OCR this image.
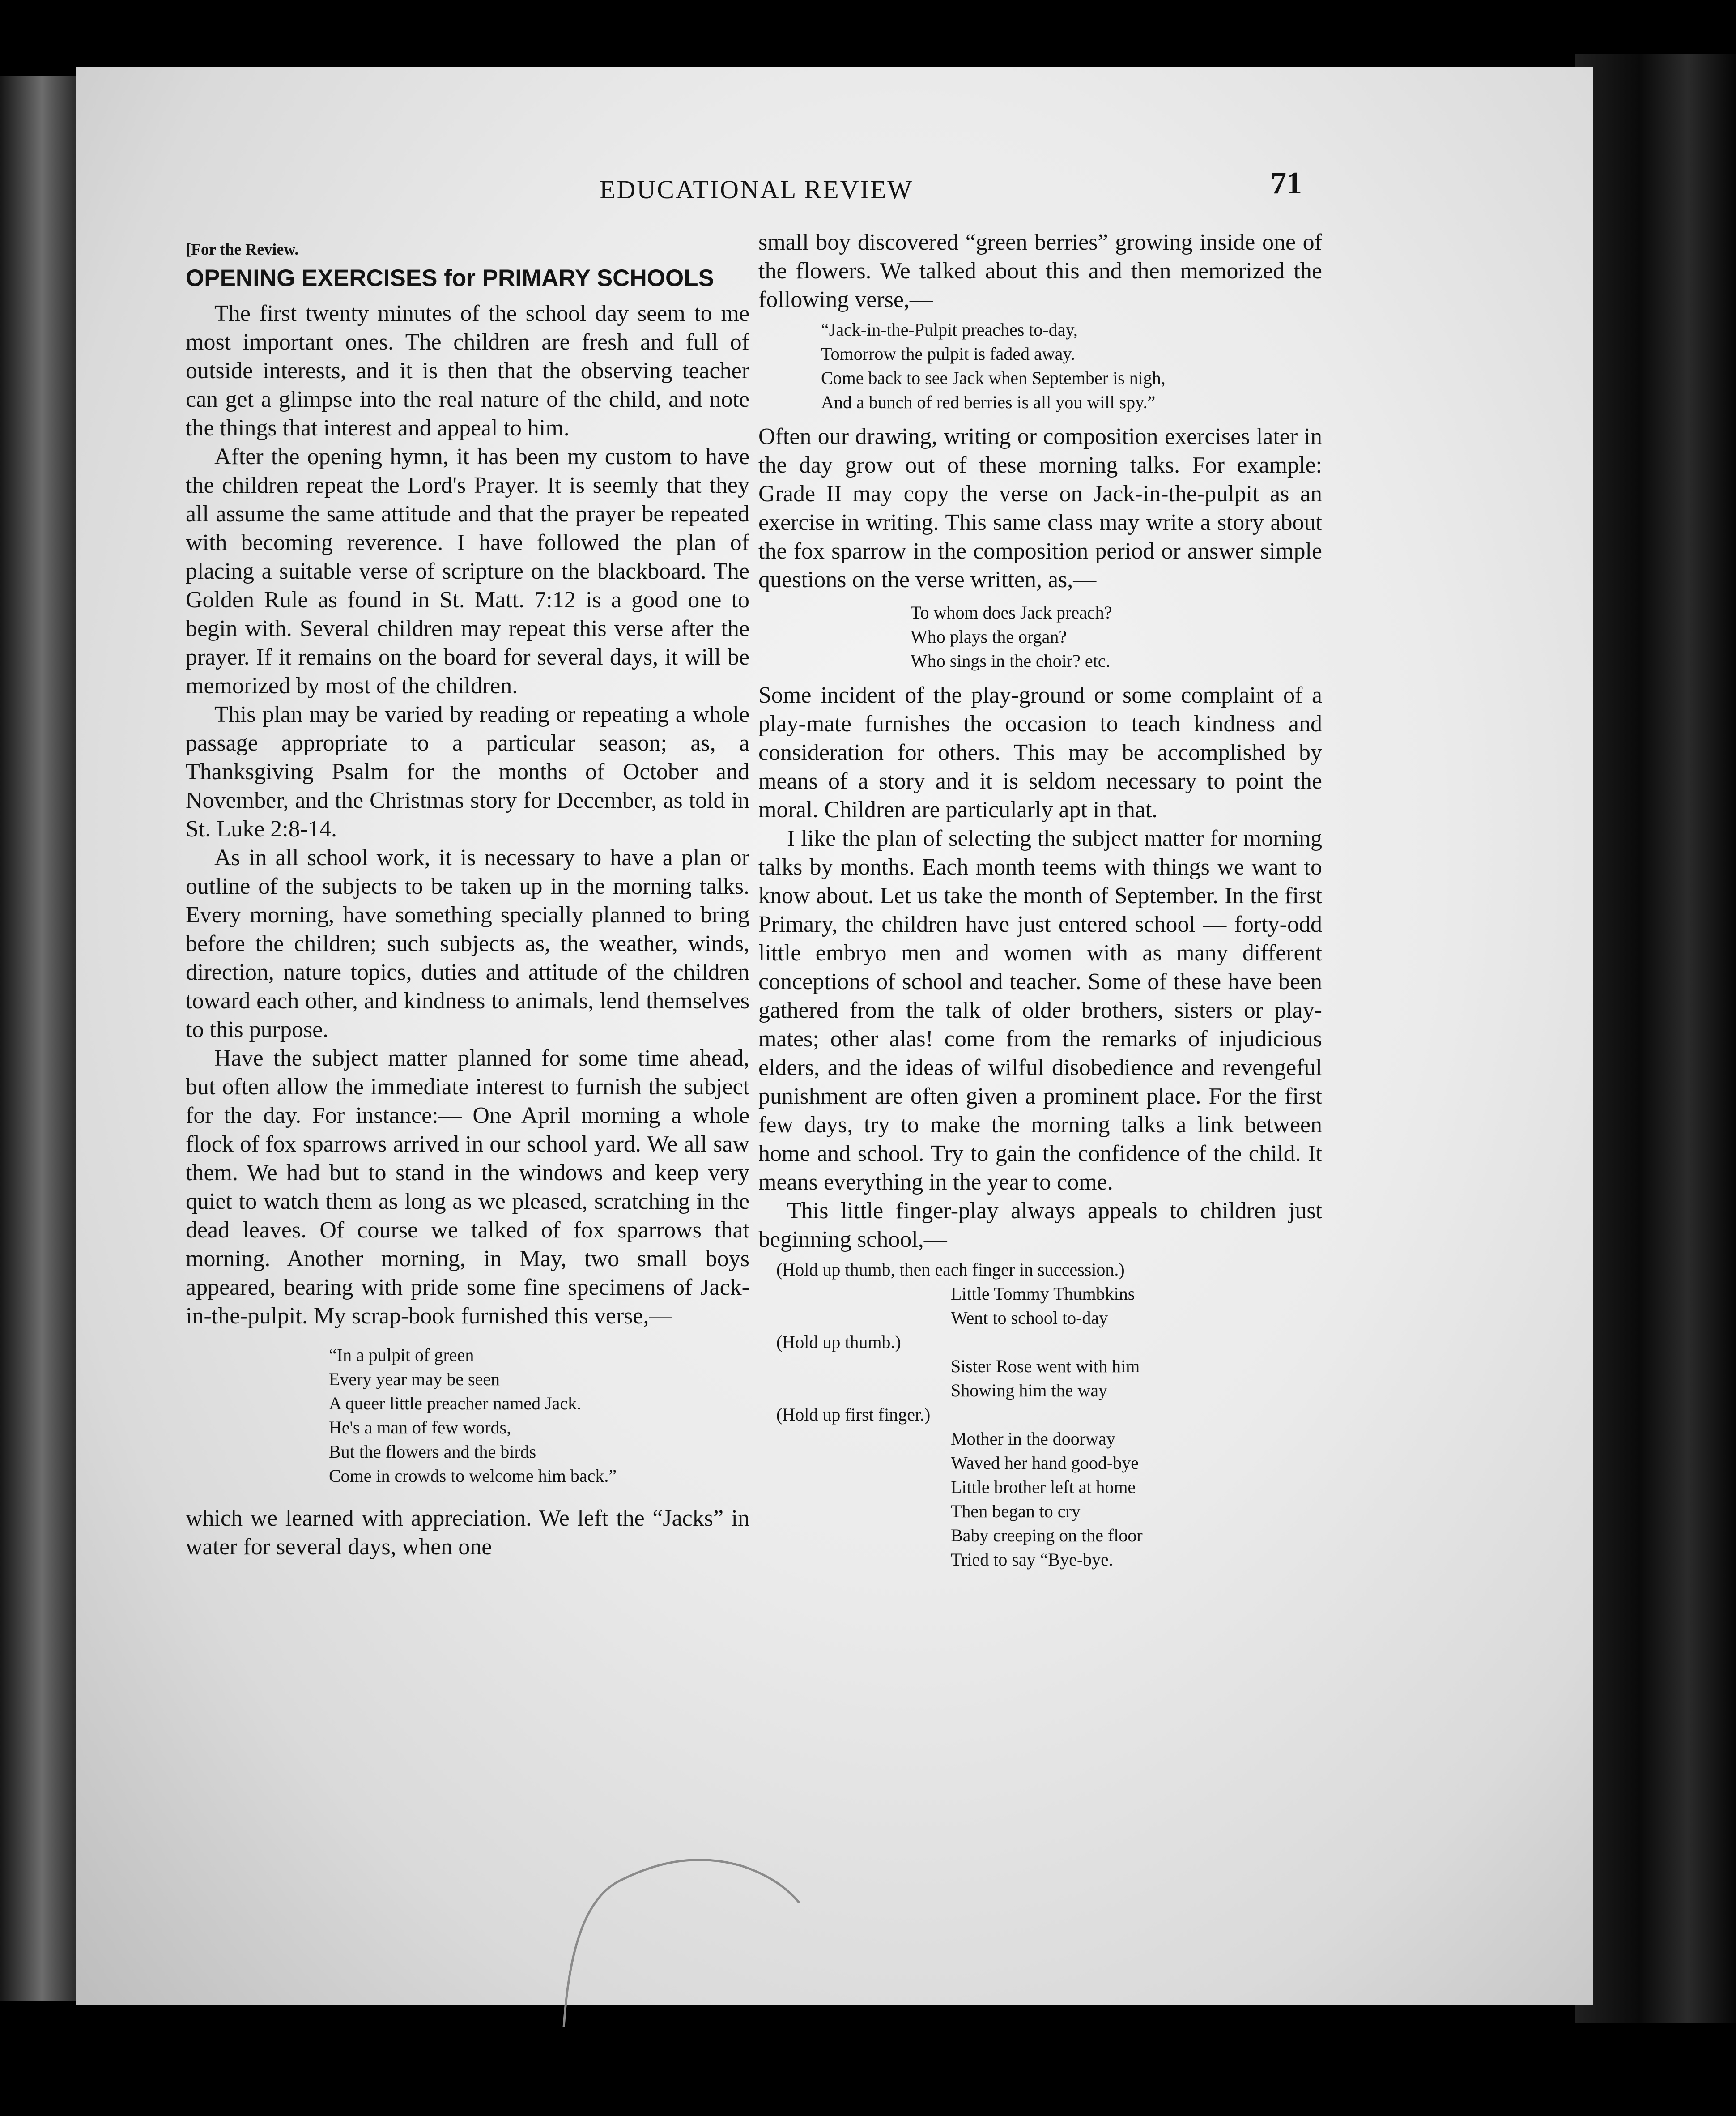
EDUCATIONAL REVIEW	71
[For the Review.
OPENING EXERCISES for PRIMARY SCHOOLS

The first twenty minutes of the school day seem to me most important ones. The children are fresh and full of outside interests, and it is then that the observing teacher can get a glimpse into the real nature of the child, and note the things that interest and appeal to him.

After the opening hymn, it has been my custom to have the children repeat the Lord's Prayer. It is seemly that they all assume the same attitude and that the prayer be repeated with becoming reverence. I have followed the plan of placing a suitable verse of scripture on the blackboard. The Golden Rule as found in St. Matt. 7:12 is a good one to begin with. Several children may repeat this verse after the prayer. If it remains on the board for several days, it will be memorized by most of the children.

This plan may be varied by reading or repeating a whole passage appropriate to a particular season; as, a Thanksgiving Psalm for the months of October and November, and the Christmas story for December, as told in St. Luke 2:8-14.

As in all school work, it is necessary to have a plan or outline of the subjects to be taken up in the morning talks. Every morning, have something specially planned to bring before the children; such subjects as, the weather, winds, direction, nature topics, duties and attitude of the children toward each other, and kindness to animals, lend themselves to this purpose.

Have the subject matter planned for some time ahead, but often allow the immediate interest to furnish the subject for the day. For instance:— One April morning a whole flock of fox sparrows arrived in our school yard. We all saw them. We had but to stand in the windows and keep very quiet to watch them as long as we pleased, scratching in the dead leaves. Of course we talked of fox sparrows that morning. Another morning, in May, two small boys appeared, bearing with pride some fine specimens of Jack-in-the-pulpit. My scrap-book furnished this verse,—

“In a pulpit of green
Every year may be seen
A queer little preacher named Jack.
He's a man of few words,
But the flowers and the birds
Come in crowds to welcome him back.”

which we learned with appreciation. We left the “Jacks” in water for several days, when one

small boy discovered “green berries” growing inside one of the flowers. We talked about this and then memorized the following verse,—

“Jack-in-the-Pulpit preaches to-day,
Tomorrow the pulpit is faded away.
Come back to see Jack when September is nigh,
And a bunch of red berries is all you will spy.”

Often our drawing, writing or composition exercises later in the day grow out of these morning talks. For example: Grade II may copy the verse on Jack-in-the-pulpit as an exercise in writing. This same class may write a story about the fox sparrow in the composition period or answer simple questions on the verse written, as,—

To whom does Jack preach?
Who plays the organ?
Who sings in the choir? etc.

Some incident of the play-ground or some complaint of a play-mate furnishes the occasion to teach kindness and consideration for others. This may be accomplished by means of a story and it is seldom necessary to point the moral. Children are particularly apt in that.

I like the plan of selecting the subject matter for morning talks by months. Each month teems with things we want to know about. Let us take the month of September. In the first Primary, the children have just entered school — forty-odd little embryo men and women with as many different conceptions of school and teacher. Some of these have been gathered from the talk of older brothers, sisters or play-mates; other alas! come from the remarks of injudicious elders, and the ideas of wilful disobedience and revengeful punishment are often given a prominent place. For the first few days, try to make the morning talks a link between home and school. Try to gain the confidence of the child. It means everything in the year to come.

This little finger-play always appeals to children just beginning school,—

(Hold up thumb, then each finger in succession.)
Little Tommy Thumbkins
Went to school to-day
(Hold up thumb.)
Sister Rose went with him
Showing him the way
(Hold up first finger.)
Mother in the doorway
Waved her hand good-bye
Little brother left at home
Then began to cry
Baby creeping on the floor
Tried to say “Bye-bye.
